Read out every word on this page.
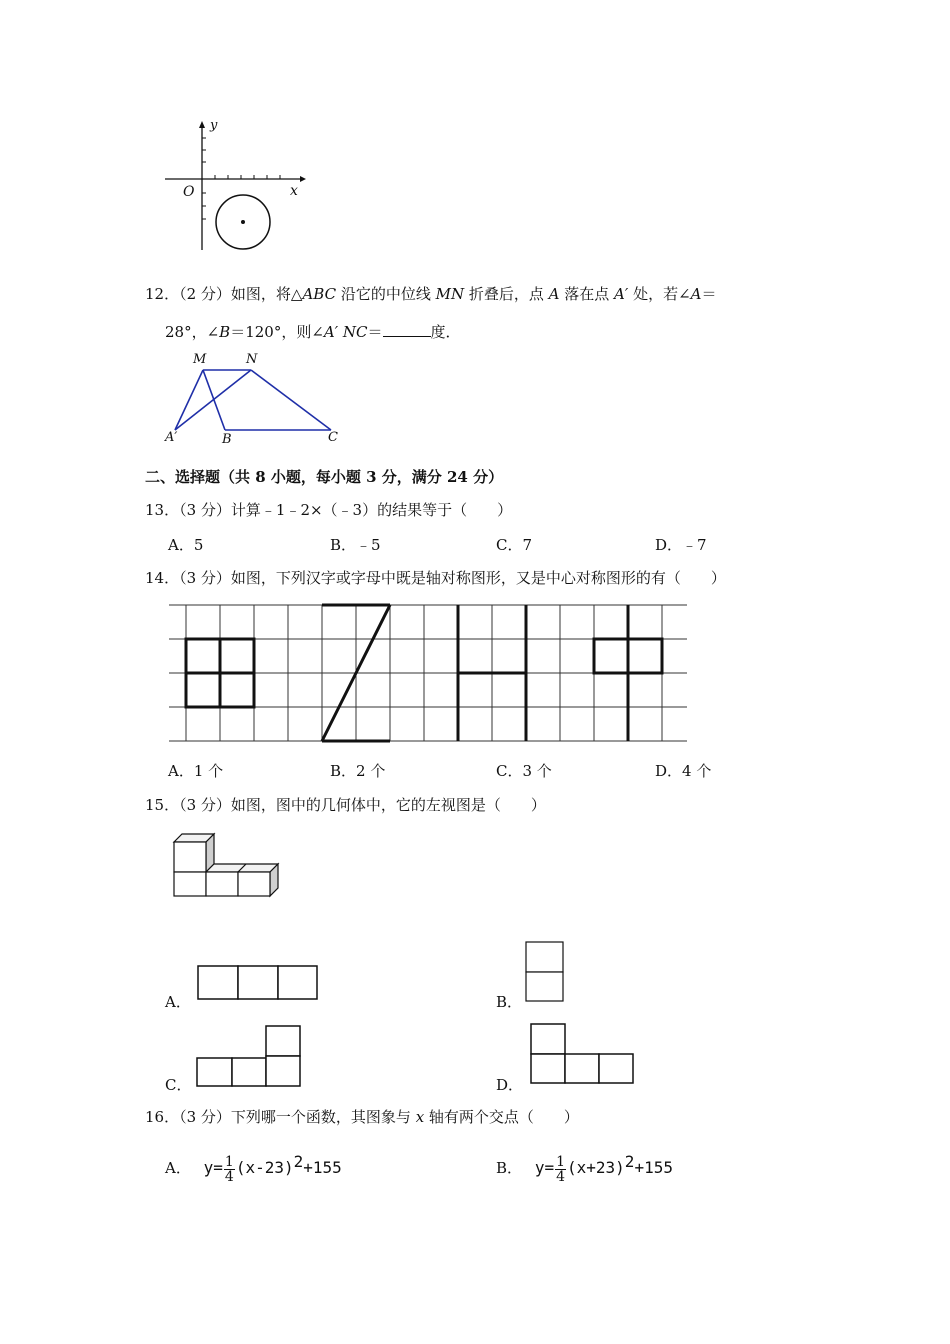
y
x
O
12．（2 分）如图，将△ABC 沿它的中位线 MN 折叠后，点 A 落在点 A′ 处，若∠A＝
28°，∠B＝120°，则∠A′ NC＝	度．
M	N
A′	B	C
二、选择题（共 8 小题，每小题 3 分，满分 24 分）
13．（3 分）计算﹣1﹣2×（﹣3）的结果等于（　　）
A．5	B．﹣5	C．7	D．﹣7
14．（3 分）如图，下列汉字或字母中既是轴对称图形，又是中心对称图形的有（　　）
A．1 个	B．2 个	C．3 个	D．4 个
15．（3 分）如图，图中的几何体中，它的左视图是（　　）
A．	B．
C．	D．
16．（3 分）下列哪一个函数，其图象与 x 轴有两个交点（　　）
A． $y= \frac{1}{4} (x-23)^2+155$	B． $y= \frac{1}{4} (x+23)^2+155$
